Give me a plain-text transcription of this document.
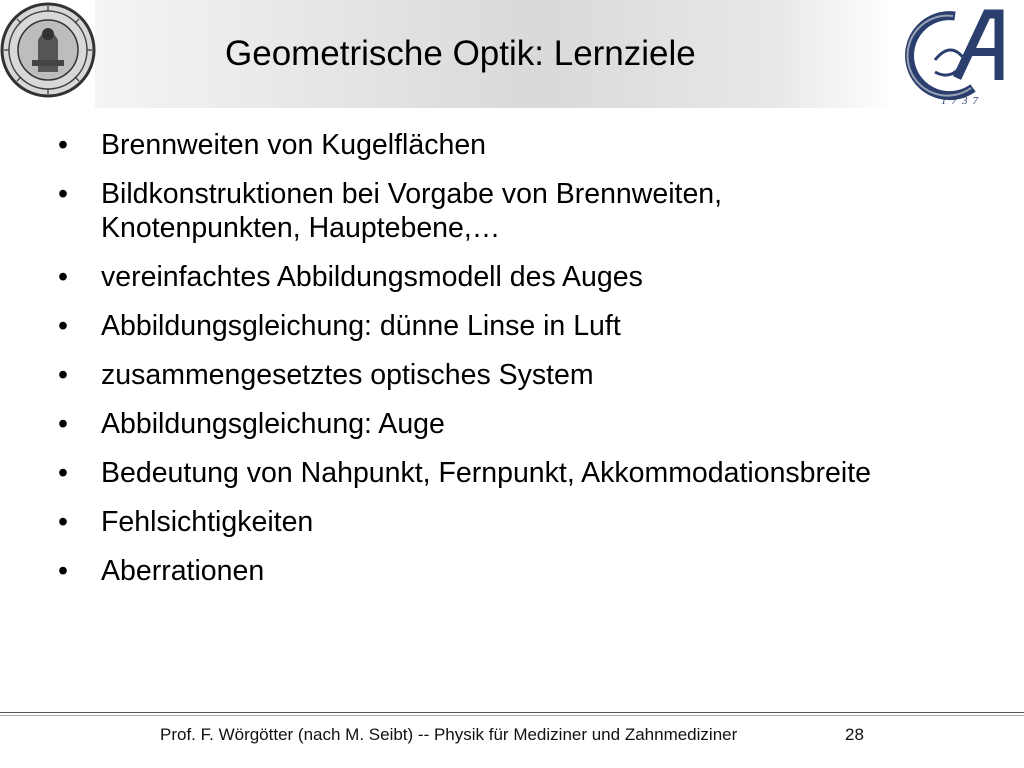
Geometrische Optik: Lernziele
1737
•	Brennweiten von Kugelflächen
•	Bildkonstruktionen bei Vorgabe von Brennweiten, Knotenpunkten, Hauptebene,…
•	vereinfachtes Abbildungsmodell des Auges
•	Abbildungsgleichung: dünne Linse in Luft
•	zusammengesetztes optisches System
•	Abbildungsgleichung: Auge
•	Bedeutung von Nahpunkt, Fernpunkt, Akkommodationsbreite
•	Fehlsichtigkeiten
•	Aberrationen
Prof. F. Wörgötter (nach M. Seibt) -- Physik für Mediziner und Zahnmediziner	28
